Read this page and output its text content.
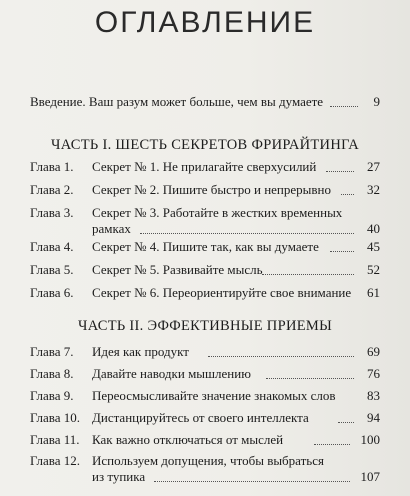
ОГЛАВЛЕНИЕ
Введение. Ваш разум может больше, чем вы думаете	9
ЧАСТЬ I. ШЕСТЬ СЕКРЕТОВ ФРИРАЙТИНГА
Глава 1. Секрет № 1. Не прилагайте сверхусилий	27
Глава 2. Секрет № 2. Пишите быстро и непрерывно	32
Глава 3. Секрет № 3. Работайте в жестких временных
рамках	40
Глава 4. Секрет № 4. Пишите так, как вы думаете	45
Глава 5. Секрет № 5. Развивайте мысль	52
Глава 6. Секрет № 6. Переориентируйте свое внимание 61
ЧАСТЬ II. ЭФФЕКТИВНЫЕ ПРИЕМЫ
Глава 7. Идея как продукт	69
Глава 8. Давайте наводки мышлению	76
Глава 9. Переосмысливайте значение знакомых слов 83
Глава 10. Дистанцируйтесь от своего интеллекта	94
Глава 11. Как важно отключаться от мыслей	100
Глава 12. Используем допущения, чтобы выбраться
из тупика	107
